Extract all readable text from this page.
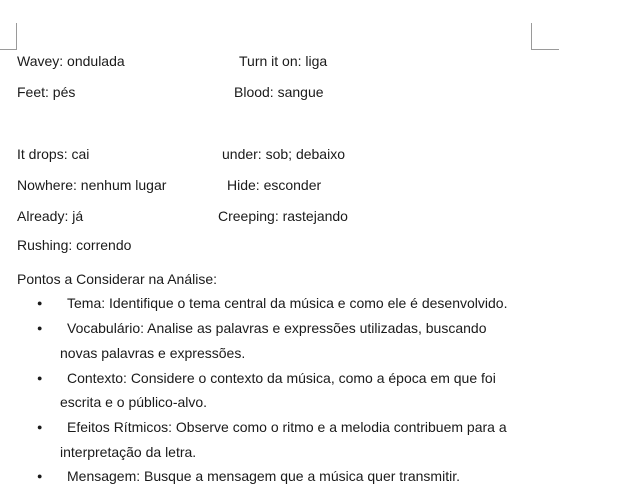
Wavey: ondulada	Turn it on: liga
Feet: pés	Blood: sangue
It drops: cai	under: sob; debaixo
Nowhere: nenhum lugar	Hide: esconder
Already: já	Creeping: rastejando
Rushing: correndo
Pontos a Considerar na Análise:
● Tema: Identifique o tema central da música e como ele é desenvolvido.
● Vocabulário: Analise as palavras e expressões utilizadas, buscando
novas palavras e expressões.
● Contexto: Considere o contexto da música, como a época em que foi
escrita e o público-alvo.
● Efeitos Rítmicos: Observe como o ritmo e a melodia contribuem para a
interpretação da letra.
● Mensagem: Busque a mensagem que a música quer transmitir.
